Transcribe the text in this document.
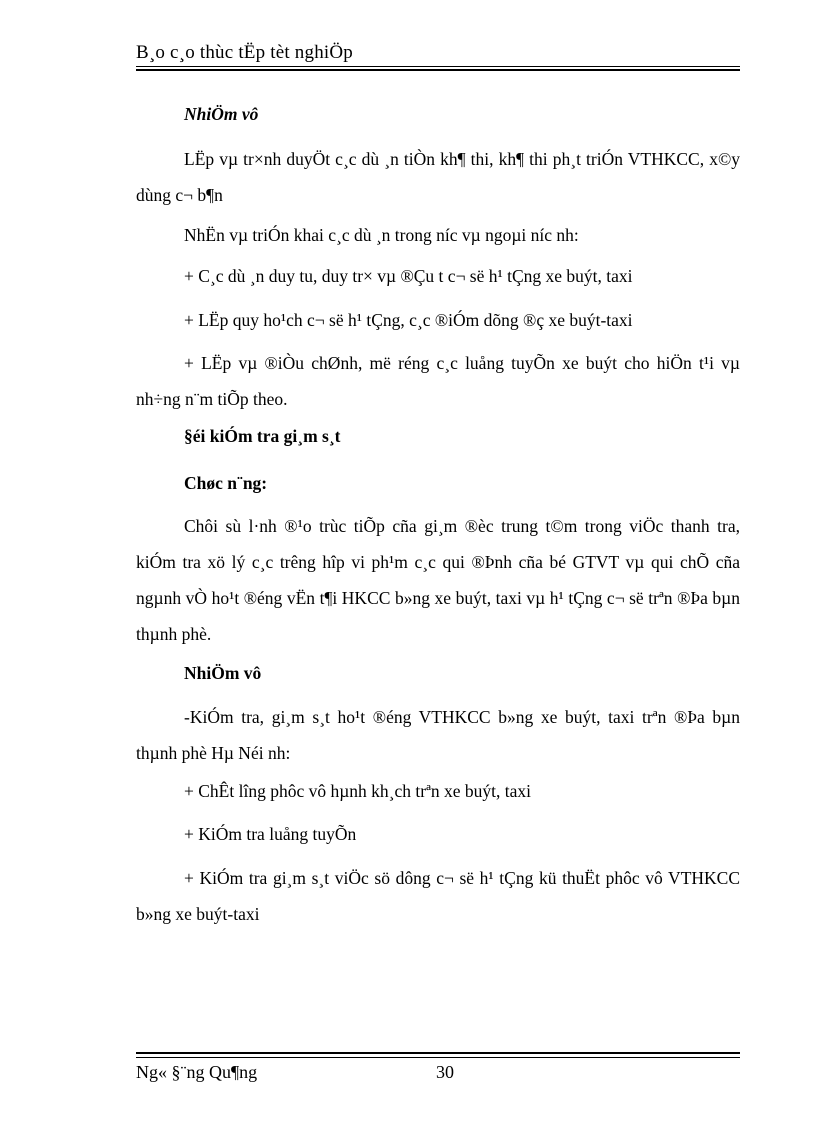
B¸o c¸o thùc tËp tèt nghiÖp
NhiÖm vô
LËp vµ tr×nh duyÖt c¸c dù ¸n tiÒn kh¶ thi, kh¶ thi ph¸t triÓn VTHKCC, x©y dùng c¬ b¶n
NhËn vµ triÓn khai c¸c dù ¸n trong níc vµ ngoµi níc nh:
+ C¸c dù ¸n duy tu, duy tr× vµ ®Çu t c¬ së h¹ tÇng xe buýt, taxi
+ LËp quy ho¹ch c¬ së h¹ tÇng, c¸c ®iÓm dõng ®ç xe buýt-taxi
+ LËp vµ ®iÒu chØnh, më réng c¸c luång tuyÕn xe buýt cho hiÖn t¹i vµ nh÷ng n¨m tiÕp theo.
§éi kiÓm tra gi¸m s¸t
Chøc n¨ng:
Chôi sù l·nh ®¹o trùc tiÕp cña gi¸m ®èc trung t©m trong viÖc thanh tra, kiÓm tra xö lý c¸c trêng hîp vi ph¹m c¸c qui ®Þnh cña bé GTVT vµ qui chÕ cña ngµnh vÒ ho¹t ®éng vËn t¶i HKCC b»ng xe buýt, taxi vµ h¹ tÇng c¬ së trªn ®Þa bµn thµnh phè.
NhiÖm vô
-KiÓm tra, gi¸m s¸t ho¹t ®éng VTHKCC b»ng xe buýt, taxi trªn ®Þa bµn thµnh phè Hµ Néi nh:
+ ChÊt lîng phôc vô hµnh kh¸ch trªn xe buýt, taxi
+ KiÓm tra luång tuyÕn
+ KiÓm tra gi¸m s¸t viÖc sö dông c¬ së h¹ tÇng kü thuËt phôc vô VTHKCC b»ng xe buýt-taxi
Ng« §¨ng Qu¶ng	30
